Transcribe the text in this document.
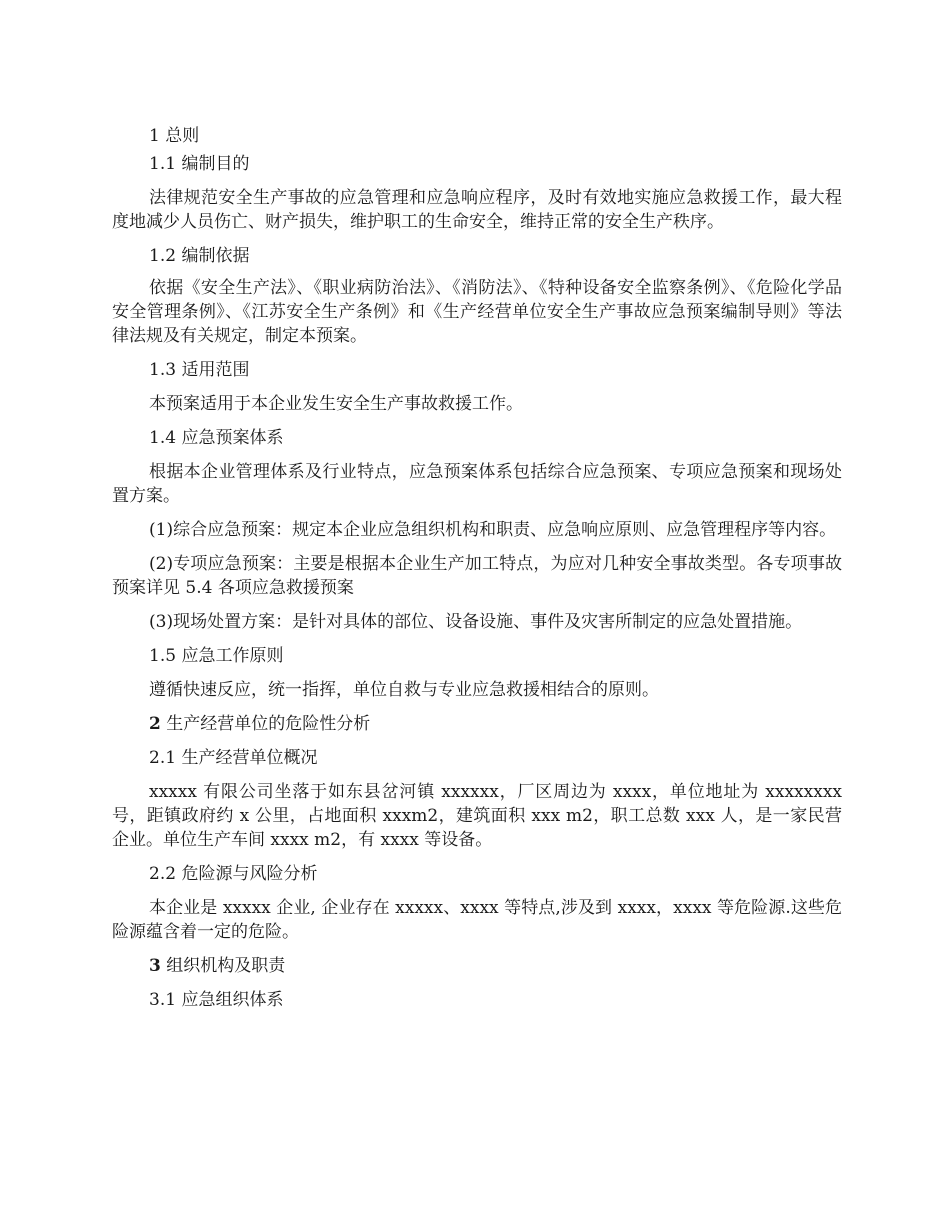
1 总则
1.1 编制目的
法律规范安全生产事故的应急管理和应急响应程序，及时有效地实施应急救援工作，最大程度地减少人员伤亡、财产损失，维护职工的生命安全，维持正常的安全生产秩序。
1.2 编制依据
依据《安全生产法》、《职业病防治法》、《消防法》、《特种设备安全监察条例》、《危险化学品安全管理条例》、《江苏安全生产条例》和《生产经营单位安全生产事故应急预案编制导则》等法律法规及有关规定，制定本预案。
1.3 适用范围
本预案适用于本企业发生安全生产事故救援工作。
1.4 应急预案体系
根据本企业管理体系及行业特点，应急预案体系包括综合应急预案、专项应急预案和现场处置方案。
(1)综合应急预案：规定本企业应急组织机构和职责、应急响应原则、应急管理程序等内容。
(2)专项应急预案：主要是根据本企业生产加工特点，为应对几种安全事故类型。各专项事故预案详见 5.4 各项应急救援预案
(3)现场处置方案：是针对具体的部位、设备设施、事件及灾害所制定的应急处置措施。
1.5 应急工作原则
遵循快速反应，统一指挥，单位自救与专业应急救援相结合的原则。
2 生产经营单位的危险性分析
2.1 生产经营单位概况
xxxxx 有限公司坐落于如东县岔河镇 xxxxxx，厂区周边为 xxxx，单位地址为 xxxxxxxx 号，距镇政府约 x 公里，占地面积 xxxm2，建筑面积 xxx m2，职工总数 xxx 人，是一家民营企业。单位生产车间 xxxx m2，有 xxxx 等设备。
2.2 危险源与风险分析
本企业是 xxxxx 企业, 企业存在 xxxxx、xxxx 等特点,涉及到 xxxx，xxxx 等危险源.这些危险源蕴含着一定的危险。
3 组织机构及职责
3.1 应急组织体系
